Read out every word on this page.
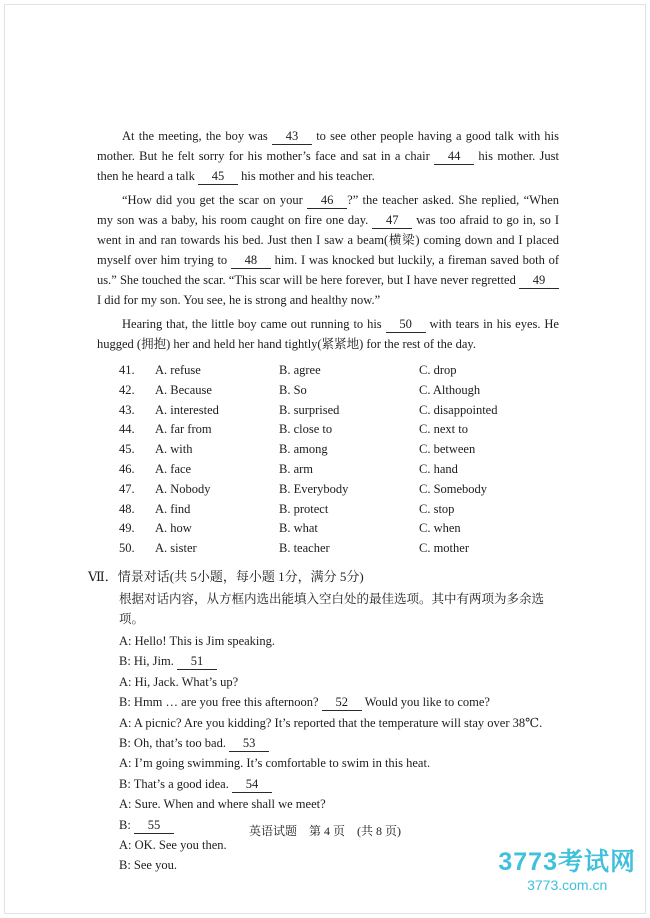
At the meeting, the boy was 43 to see other people having a good talk with his mother. But he felt sorry for his mother’s face and sat in a chair 44 his mother. Just then he heard a talk 45 his mother and his teacher.

“How did you get the scar on your 46 ?” the teacher asked. She replied, “When my son was a baby, his room caught on fire one day. 47 was too afraid to go in, so I went in and ran towards his bed. Just then I saw a beam(横梁) coming down and I placed myself over him trying to 48 him. I was knocked but luckily, a fireman saved both of us.” She touched the scar. “This scar will be here forever, but I have never regretted 49 I did for my son. You see, he is strong and healthy now.”

Hearing that, the little boy came out running to his 50 with tears in his eyes. He hugged (拥抱) her and held her hand tightly(紧紧地) for the rest of the day.

41.	A. refuse	B. agree	C. drop
42.	A. Because	B. So	C. Although
43.	A. interested	B. surprised	C. disappointed
44.	A. far from	B. close to	C. next to
45.	A. with	B. among	C. between
46.	A. face	B. arm	C. hand
47.	A. Nobody	B. Everybody	C. Somebody
48.	A. find	B. protect	C. stop
49.	A. how	B. what	C. when
50.	A. sister	B. teacher	C. mother
Ⅶ．情景对话(共 5小题，每小题 1分，满分 5分)
根据对话内容，从方框内选出能填入空白处的最佳选项。其中有两项为多余选项。

A: Hello! This is Jim speaking.

B: Hi, Jim. 51

A: Hi, Jack. What’s up?

B: Hmm … are you free this afternoon? 52 Would you like to come?

A: A picnic? Are you kidding? It’s reported that the temperature will stay over 38℃.

B: Oh, that’s too bad. 53

A: I’m going swimming. It’s comfortable to swim in this heat.

B: That’s a good idea. 54

A: Sure. When and where shall we meet?

B: 55

A: OK. See you then.

B: See you.

英语试题　第 4 页　(共 8 页)
3773考试网
3773.com.cn
